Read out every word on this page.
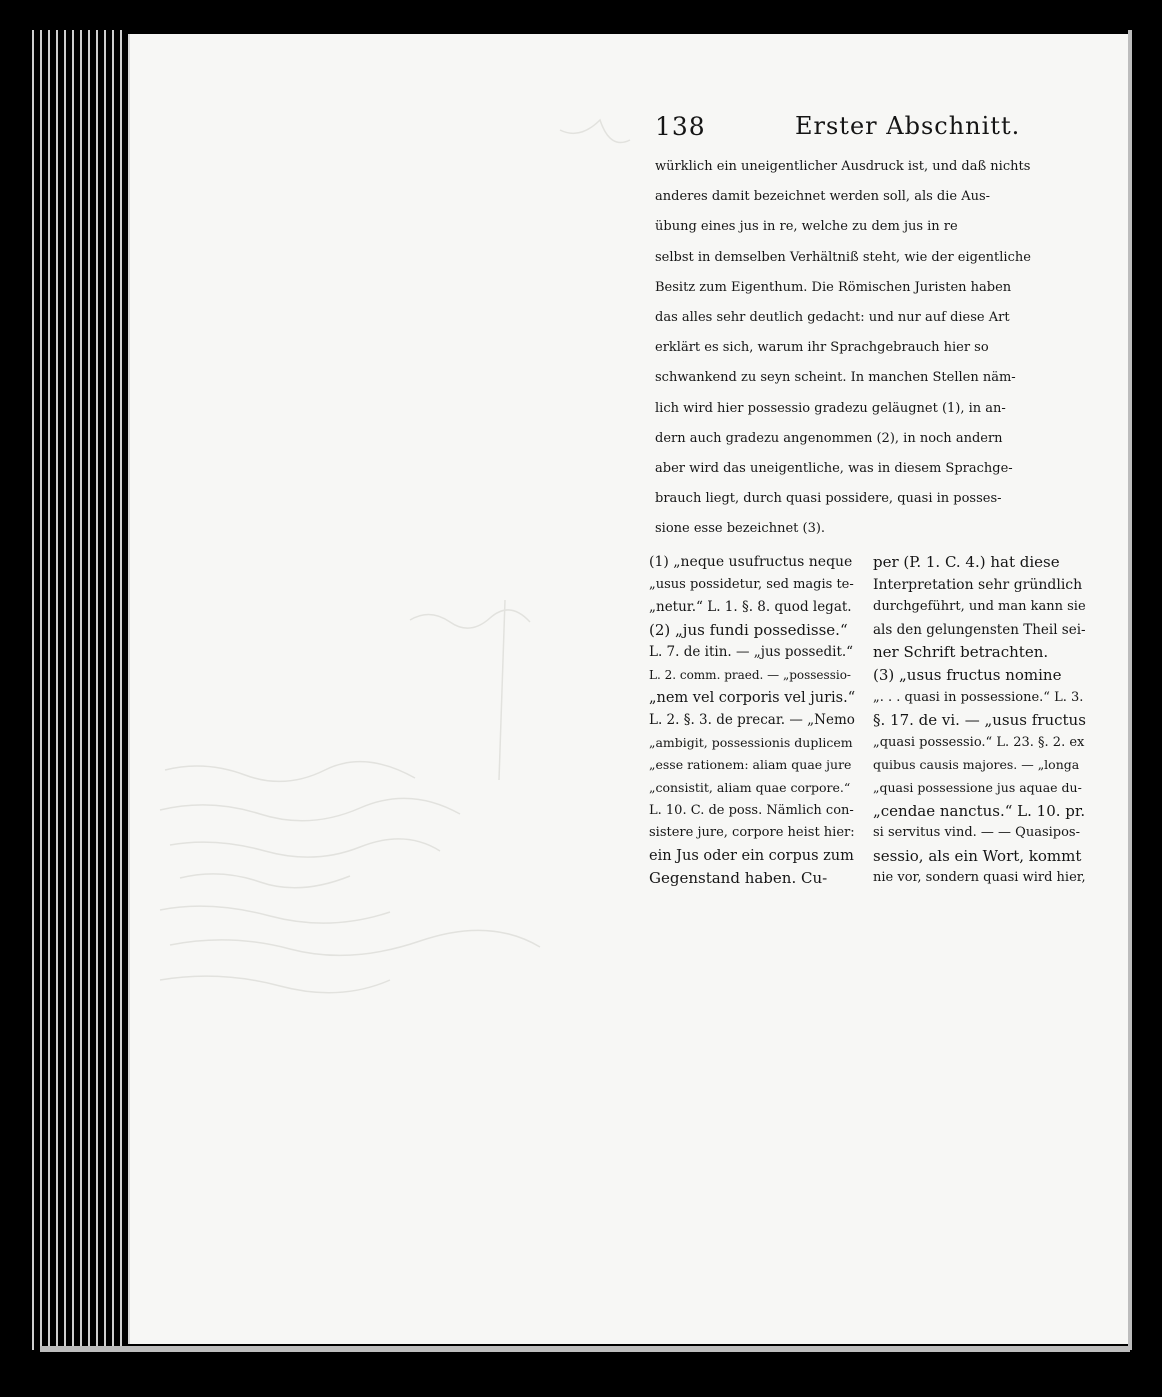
138	Erster Abschnitt.
würklich ein uneigentlicher Ausdruck ist, und daß nichts
anderes damit bezeichnet werden soll, als die Aus-
übung eines jus in re, welche zu dem jus in re
selbst in demselben Verhältniß steht, wie der eigentliche
Besitz zum Eigenthum. Die Römischen Juristen haben
das alles sehr deutlich gedacht: und nur auf diese Art
erklärt es sich, warum ihr Sprachgebrauch hier so
schwankend zu seyn scheint. In manchen Stellen näm-
lich wird hier possessio gradezu geläugnet (1), in an-
dern auch gradezu angenommen (2), in noch andern
aber wird das uneigentliche, was in diesem Sprachge-
brauch liegt, durch quasi possidere, quasi in posses-
sione esse bezeichnet (3).
(1) „neque usufructus neque
„usus possidetur, sed magis te-
„netur.“ L. 1. §. 8. quod legat.
(2) „jus fundi possedisse.“
L. 7. de itin. — „jus possedit.“
L. 2. comm. praed. — „possessio-
„nem vel corporis vel juris.“
L. 2. §. 3. de precar. — „Nemo
„ambigit, possessionis duplicem
„esse rationem: aliam quae jure
„consistit, aliam quae corpore.“
L. 10. C. de poss. Nämlich con-
sistere jure, corpore heist hier:
ein Jus oder ein corpus zum
Gegenstand haben. Cu-
per (P. 1. C. 4.) hat diese
Interpretation sehr gründlich
durchgeführt, und man kann sie
als den gelungensten Theil sei-
ner Schrift betrachten.
(3) „usus fructus nomine
„. . . quasi in possessione.“ L. 3.
§. 17. de vi. — „usus fructus
„quasi possessio.“ L. 23. §. 2. ex
quibus causis majores. — „longa
„quasi possessione jus aquae du-
„cendae nanctus.“ L. 10. pr.
si servitus vind. — — Quasipos-
sessio, als ein Wort, kommt
nie vor, sondern quasi wird hier,
